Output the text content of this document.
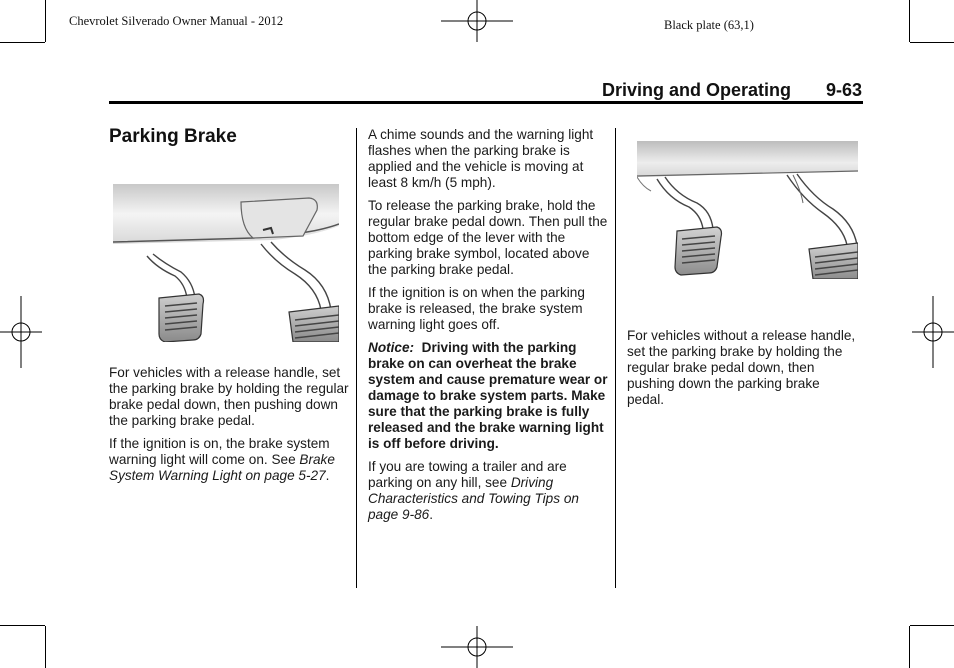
Chevrolet Silverado Owner Manual - 2012	Black plate (63,1)
Driving and Operating 9-63
Parking Brake

For vehicles with a release handle, set the parking brake by holding the regular brake pedal down, then pushing down the parking brake pedal.

If the ignition is on, the brake system warning light will come on. See Brake System Warning Light on page 5-27.

A chime sounds and the warning light flashes when the parking brake is applied and the vehicle is moving at least 8 km/h (5 mph).

To release the parking brake, hold the regular brake pedal down. Then pull the bottom edge of the lever with the parking brake symbol, located above the parking brake pedal.

If the ignition is on when the parking brake is released, the brake system warning light goes off.

Notice: Driving with the parking brake on can overheat the brake system and cause premature wear or damage to brake system parts. Make sure that the parking brake is fully released and the brake warning light is off before driving.

If you are towing a trailer and are parking on any hill, see Driving Characteristics and Towing Tips on page 9-86.

For vehicles without a release handle, set the parking brake by holding the regular brake pedal down, then pushing down the parking brake pedal.
